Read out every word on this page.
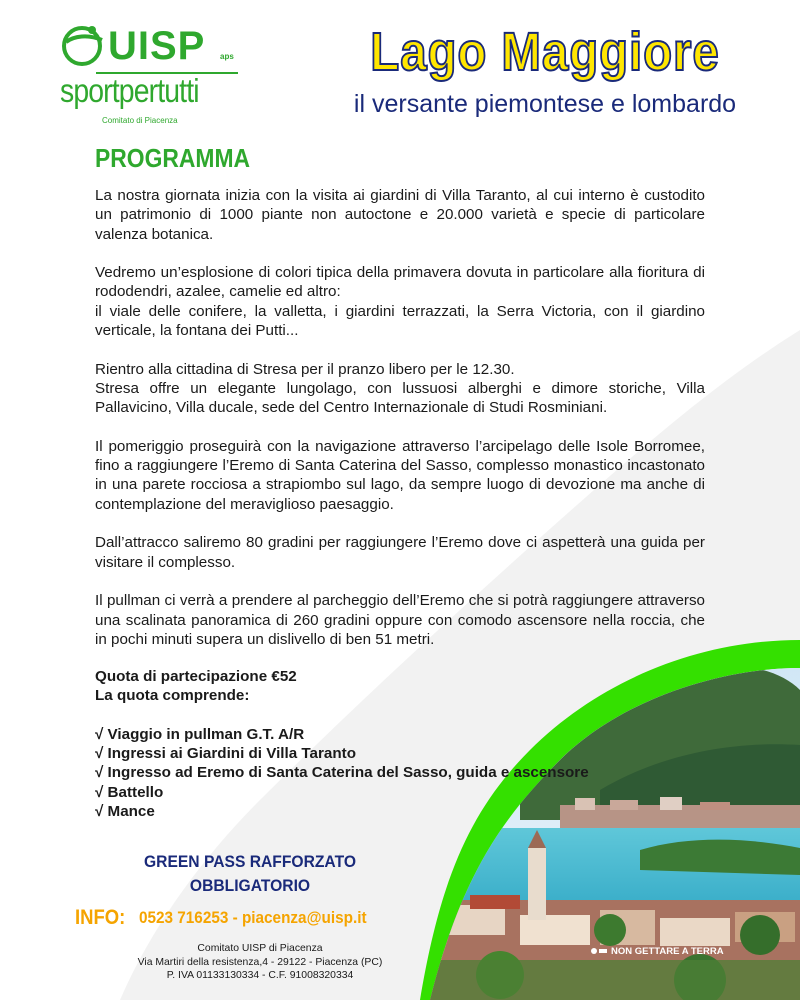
UISP aps
sportpertutti
Comitato di Piacenza
Lago Maggiore
il versante piemontese e lombardo
PROGRAMMA

La nostra giornata inizia con la visita ai giardini di Villa Taranto, al cui interno è custodito un patrimonio di 1000 piante non autoctone e 20.000 varietà e specie di particolare valenza botanica.

Vedremo un’esplosione di colori tipica della primavera dovuta in particolare alla fioritura di rododendri, azalee, camelie ed altro:
il viale delle conifere, la valletta, i giardini terrazzati, la Serra Victoria, con il giardino verticale, la fontana dei Putti...

Rientro alla cittadina di Stresa per il pranzo libero per le 12.30.
Stresa offre un elegante lungolago, con lussuosi alberghi e dimore storiche, Villa Pallavicino, Villa ducale, sede del Centro Internazionale di Studi Rosminiani.

Il pomeriggio proseguirà con la navigazione attraverso l’arcipelago delle Isole Borromee, fino a raggiungere l’Eremo di Santa Caterina del Sasso, complesso monastico incastonato in una parete rocciosa a strapiombo sul lago, da sempre luogo di devozione ma anche di contemplazione del meraviglioso paesaggio.

Dall’attracco saliremo 80 gradini per raggiungere l’Eremo dove ci aspetterà una guida per visitare il complesso.

Il pullman ci verrà a prendere al parcheggio dell’Eremo che si potrà raggiungere attraverso una scalinata panoramica di 260 gradini oppure con comodo ascensore nella roccia, che in pochi minuti supera un dislivello di ben 51 metri.

Quota di partecipazione €52
La quota comprende:
√ Viaggio in pullman G.T. A/R
√ Ingressi ai Giardini di Villa Taranto
√ Ingresso ad Eremo di Santa Caterina del Sasso, guida e ascensore
√ Battello
√ Mance
GREEN PASS RAFFORZATO
OBBLIGATORIO
INFO: 0523 716253 - piacenza@uisp.it
Comitato UISP di Piacenza
Via Martiri della resistenza,4 - 29122 - Piacenza (PC)
P. IVA 01133130334 - C.F. 91008320334
NON GETTARE A TERRA
